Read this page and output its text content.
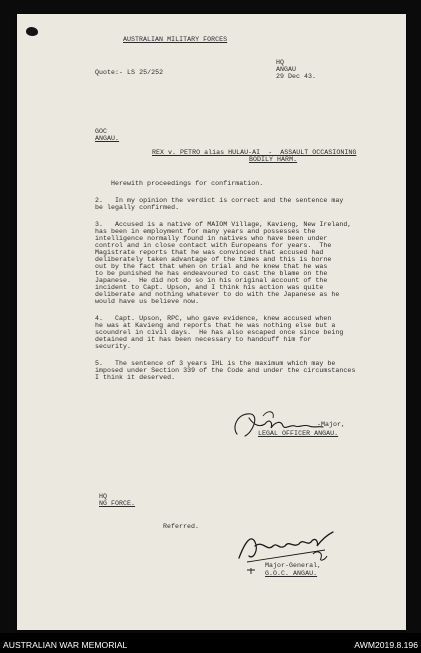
AUSTRALIAN MILITARY FORCES
HQ
ANGAU
29 Dec 43.
Quote:- LS 25/252
GOC
ANGAU.
REX v. PETRO alias HULAU-AI  -  ASSAULT OCCASIONING
BODILY HARM.
Herewith proceedings for confirmation.
2.   In my opinion the verdict is correct and the sentence may
be legally confirmed.
3.   Accused is a native of MAIOM Village, Kavieng, New Ireland,
has been in employment for many years and possesses the
intelligence normally found in natives who have been under
control and in close contact with Europeans for years.  The
Magistrate reports that he was convinced that accused had
deliberately taken advantage of the times and this is borne
out by the fact that when on trial and he knew that he was
to be punished he has endeavoured to cast the blame on the
Japanese.  He did not do so in his original account of the
incident to Capt. Upson, and I think his action was quite
deliberate and nothing whatever to do with the Japanese as he
would have us believe now.
4.   Capt. Upson, RPC, who gave evidence, knew accused when
he was at Kavieng and reports that he was nothing else but a
scoundrel in civil days.  He has also escaped once since being
detained and it has been necessary to handcuff him for
security.
5.   The sentence of 3 years IHL is the maximum which may be
imposed under Section 339 of the Code and under the circumstances
I think it deserved.
-Major,
LEGAL OFFICER ANGAU.
HQ
NG FORCE.
Referred.
Major-General,
G.O.C. ANGAU.
AUSTRALIAN WAR MEMORIAL	AWM2019.8.196
